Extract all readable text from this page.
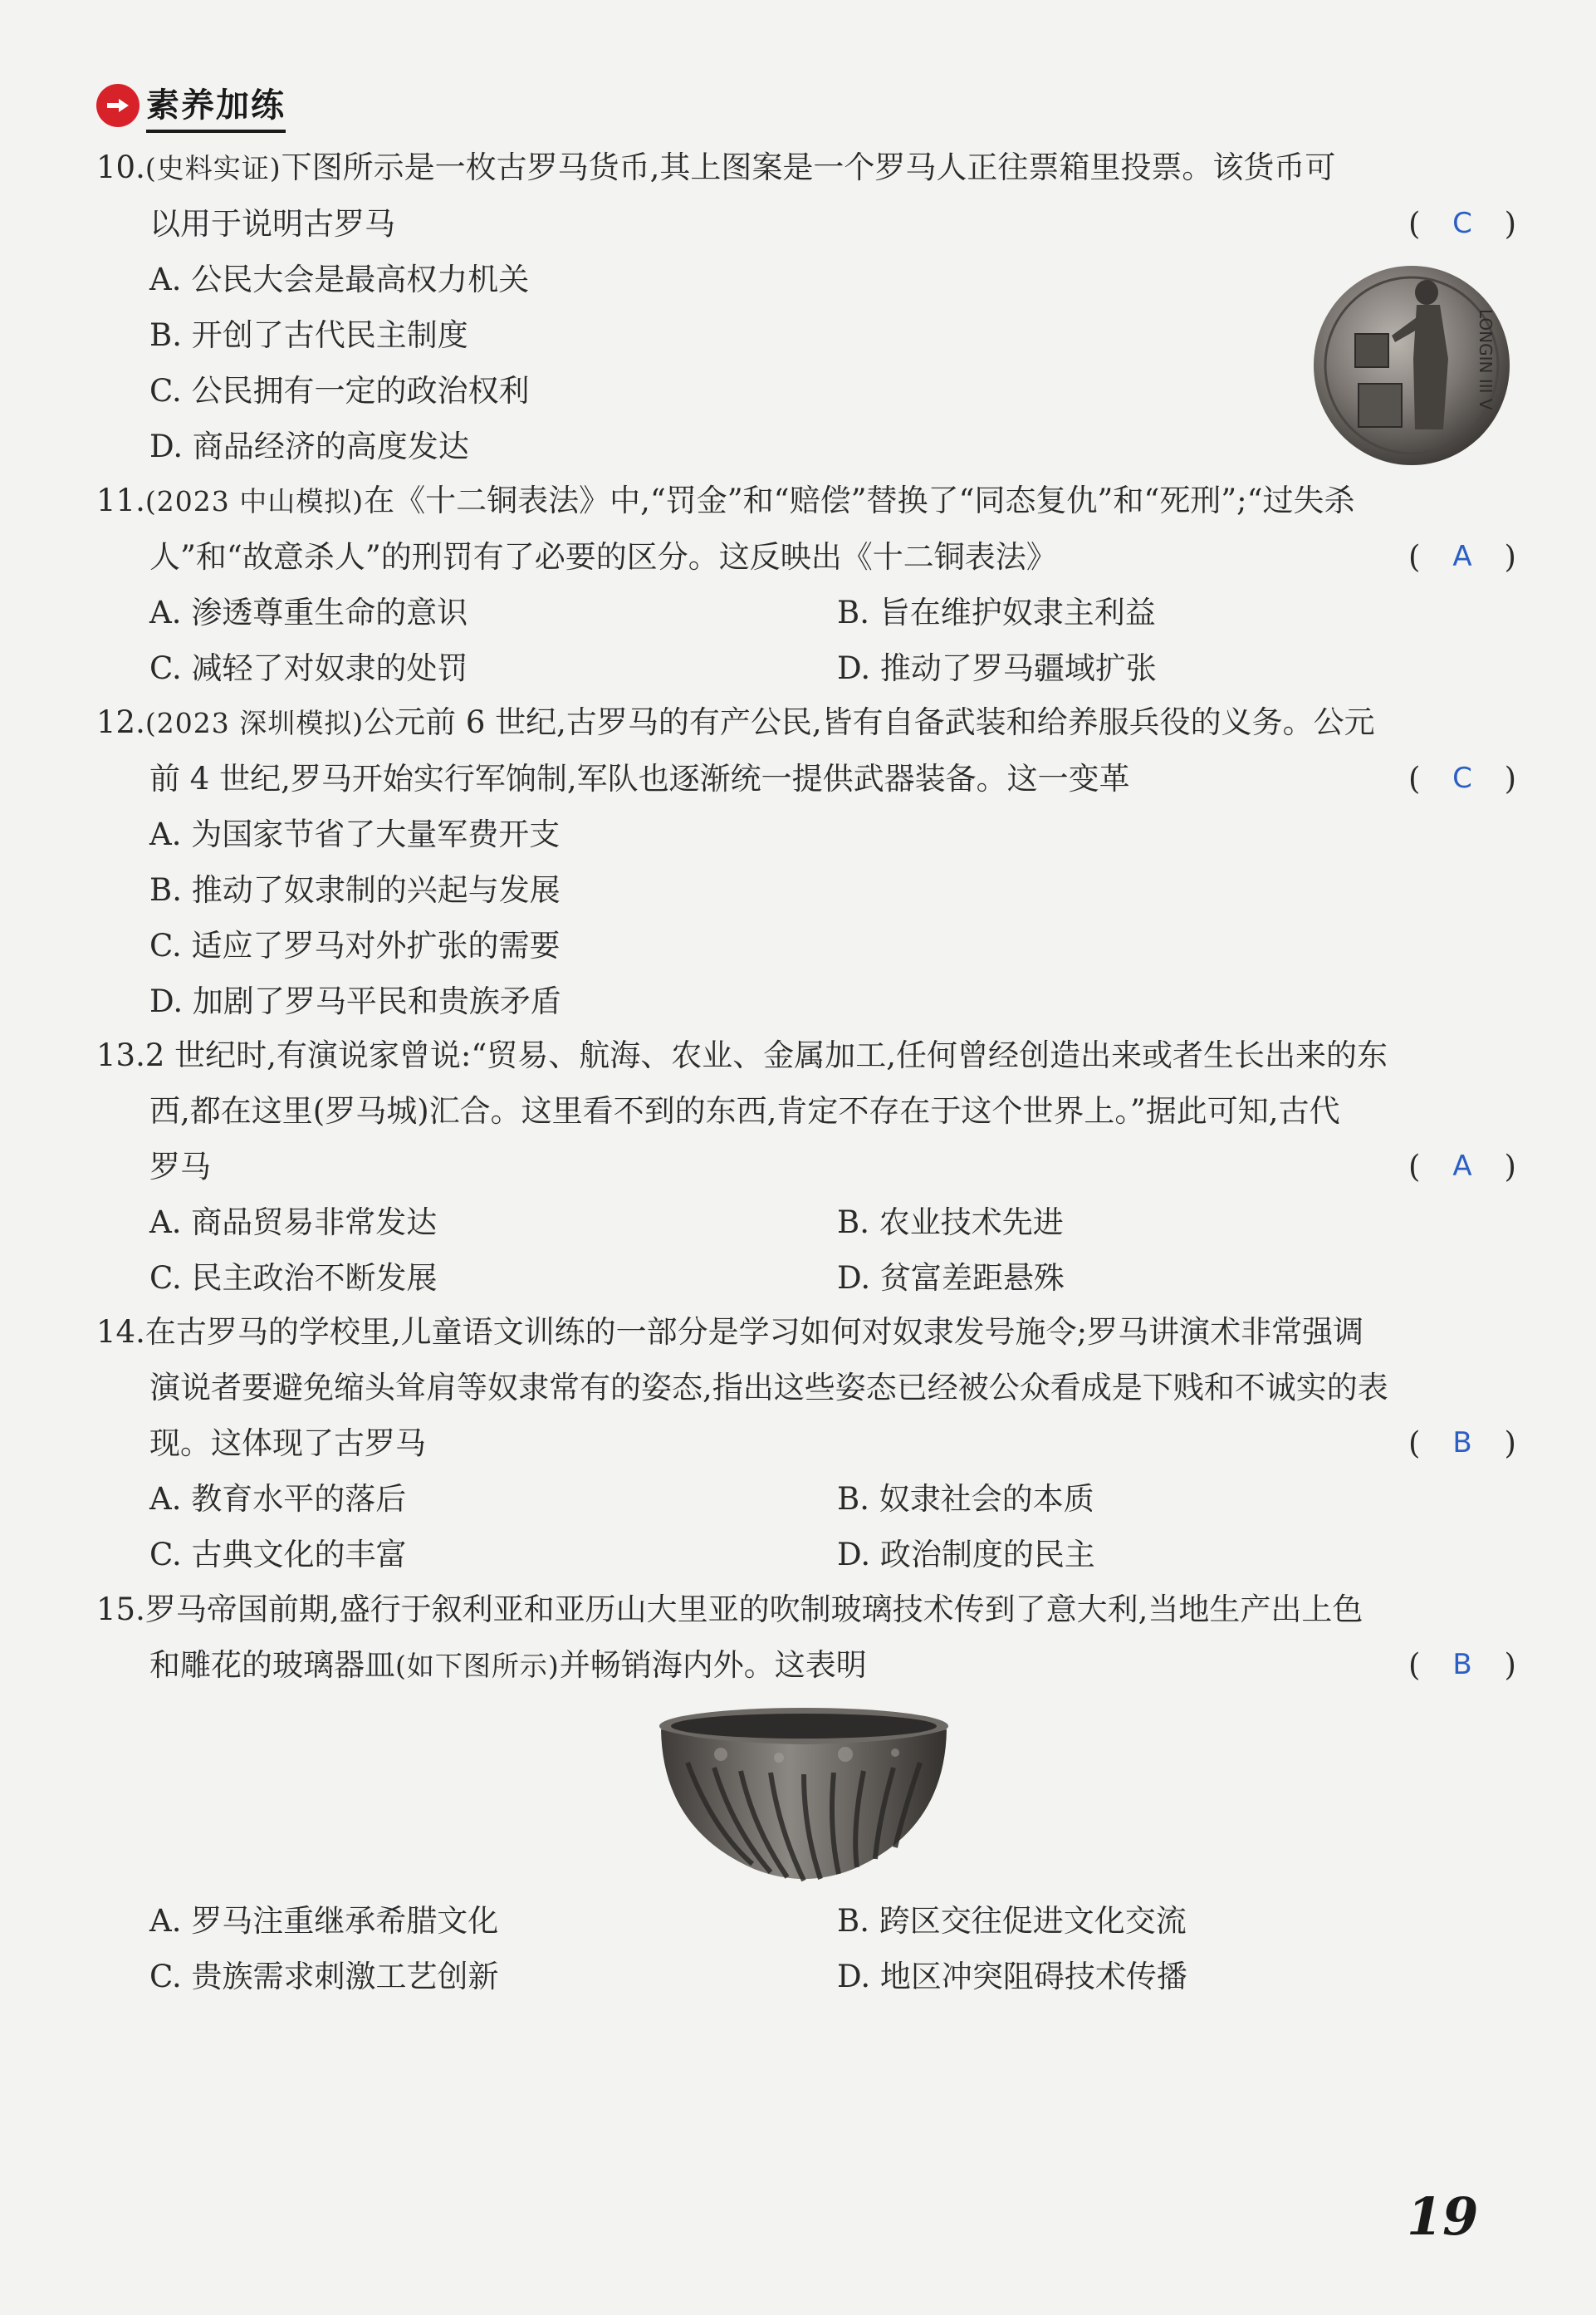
素养加练
10.(史料实证)下图所示是一枚古罗马货币,其上图案是一个罗马人正往票箱里投票。该货币可
以用于说明古罗马	( C )
A. 公民大会是最高权力机关
B. 开创了古代民主制度
C. 公民拥有一定的政治权利
D. 商品经济的高度发达
LONGIN III V
11.(2023 中山模拟)在《十二铜表法》中,“罚金”和“赔偿”替换了“同态复仇”和“死刑”;“过失杀
人”和“故意杀人”的刑罚有了必要的区分。这反映出《十二铜表法》	( A )
A. 渗透尊重生命的意识	B. 旨在维护奴隶主利益
C. 减轻了对奴隶的处罚	D. 推动了罗马疆域扩张
12.(2023 深圳模拟)公元前 6 世纪,古罗马的有产公民,皆有自备武装和给养服兵役的义务。公元
前 4 世纪,罗马开始实行军饷制,军队也逐渐统一提供武器装备。这一变革	( C )
A. 为国家节省了大量军费开支
B. 推动了奴隶制的兴起与发展
C. 适应了罗马对外扩张的需要
D. 加剧了罗马平民和贵族矛盾
13.2 世纪时,有演说家曾说:“贸易、航海、农业、金属加工,任何曾经创造出来或者生长出来的东
西,都在这里(罗马城)汇合。这里看不到的东西,肯定不存在于这个世界上。”据此可知,古代
罗马	( A )
A. 商品贸易非常发达	B. 农业技术先进
C. 民主政治不断发展	D. 贫富差距悬殊
14.在古罗马的学校里,儿童语文训练的一部分是学习如何对奴隶发号施令;罗马讲演术非常强调
演说者要避免缩头耸肩等奴隶常有的姿态,指出这些姿态已经被公众看成是下贱和不诚实的表
现。这体现了古罗马	( B )
A. 教育水平的落后	B. 奴隶社会的本质
C. 古典文化的丰富	D. 政治制度的民主
15.罗马帝国前期,盛行于叙利亚和亚历山大里亚的吹制玻璃技术传到了意大利,当地生产出上色
和雕花的玻璃器皿(如下图所示)并畅销海内外。这表明	( B )
A. 罗马注重继承希腊文化	B. 跨区交往促进文化交流
C. 贵族需求刺激工艺创新	D. 地区冲突阻碍技术传播
19
